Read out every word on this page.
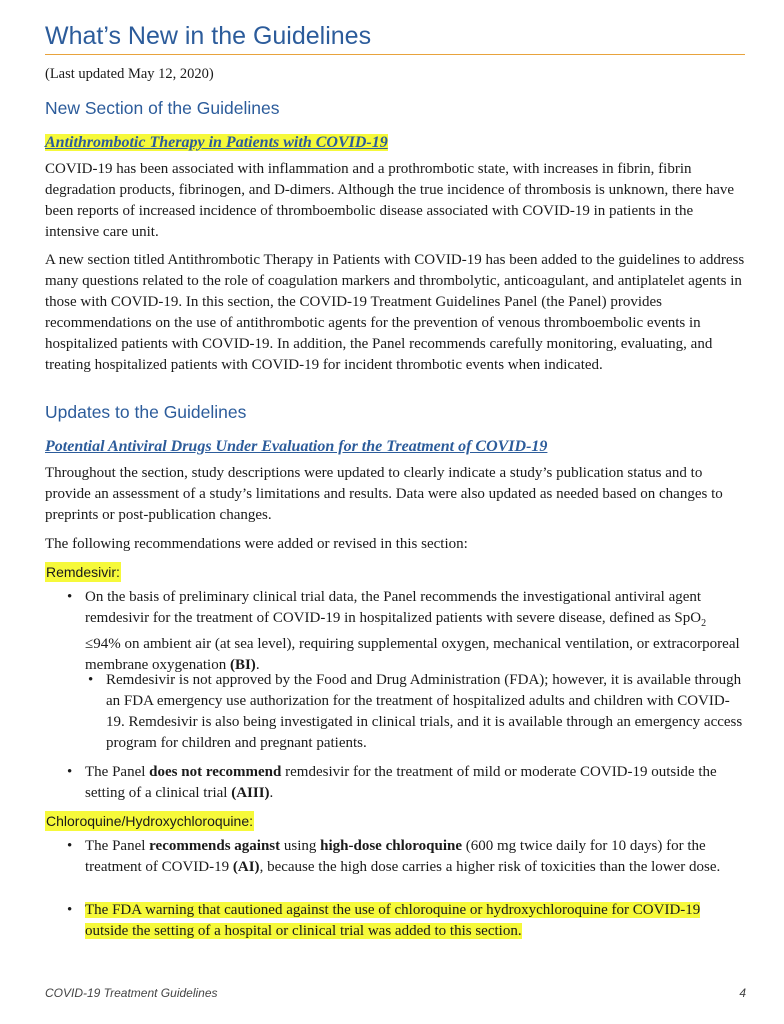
What’s New in the Guidelines
(Last updated May 12, 2020)
New Section of the Guidelines
Antithrombotic Therapy in Patients with COVID-19

COVID-19 has been associated with inflammation and a prothrombotic state, with increases in fibrin, fibrin degradation products, fibrinogen, and D-dimers. Although the true incidence of thrombosis is unknown, there have been reports of increased incidence of thromboembolic disease associated with COVID-19 in patients in the intensive care unit.

A new section titled Antithrombotic Therapy in Patients with COVID-19 has been added to the guidelines to address many questions related to the role of coagulation markers and thrombolytic, anticoagulant, and antiplatelet agents in those with COVID-19. In this section, the COVID-19 Treatment Guidelines Panel (the Panel) provides recommendations on the use of antithrombotic agents for the prevention of venous thromboembolic events in hospitalized patients with COVID-19. In addition, the Panel recommends carefully monitoring, evaluating, and treating hospitalized patients with COVID-19 for incident thrombotic events when indicated.

Updates to the Guidelines
Potential Antiviral Drugs Under Evaluation for the Treatment of COVID-19

Throughout the section, study descriptions were updated to clearly indicate a study’s publication status and to provide an assessment of a study’s limitations and results. Data were also updated as needed based on changes to preprints or post-publication changes.

The following recommendations were added or revised in this section:

Remdesivir:
• On the basis of preliminary clinical trial data, the Panel recommends the investigational antiviral agent remdesivir for the treatment of COVID-19 in hospitalized patients with severe disease, defined as SpO$_2$ ≤94% on ambient air (at sea level), requiring supplemental oxygen, mechanical ventilation, or extracorporeal membrane oxygenation (BI).
• Remdesivir is not approved by the Food and Drug Administration (FDA); however, it is available through an FDA emergency use authorization for the treatment of hospitalized adults and children with COVID-19. Remdesivir is also being investigated in clinical trials, and it is available through an emergency access program for children and pregnant patients.
• The Panel does not recommend remdesivir for the treatment of mild or moderate COVID-19 outside the setting of a clinical trial (AIII).
Chloroquine/Hydroxychloroquine:
• The Panel recommends against using high-dose chloroquine (600 mg twice daily for 10 days) for the treatment of COVID-19 (AI), because the high dose carries a higher risk of toxicities than the lower dose.
• The FDA warning that cautioned against the use of chloroquine or hydroxychloroquine for COVID-19 outside the setting of a hospital or clinical trial was added to this section.
COVID-19 Treatment Guidelines	4
